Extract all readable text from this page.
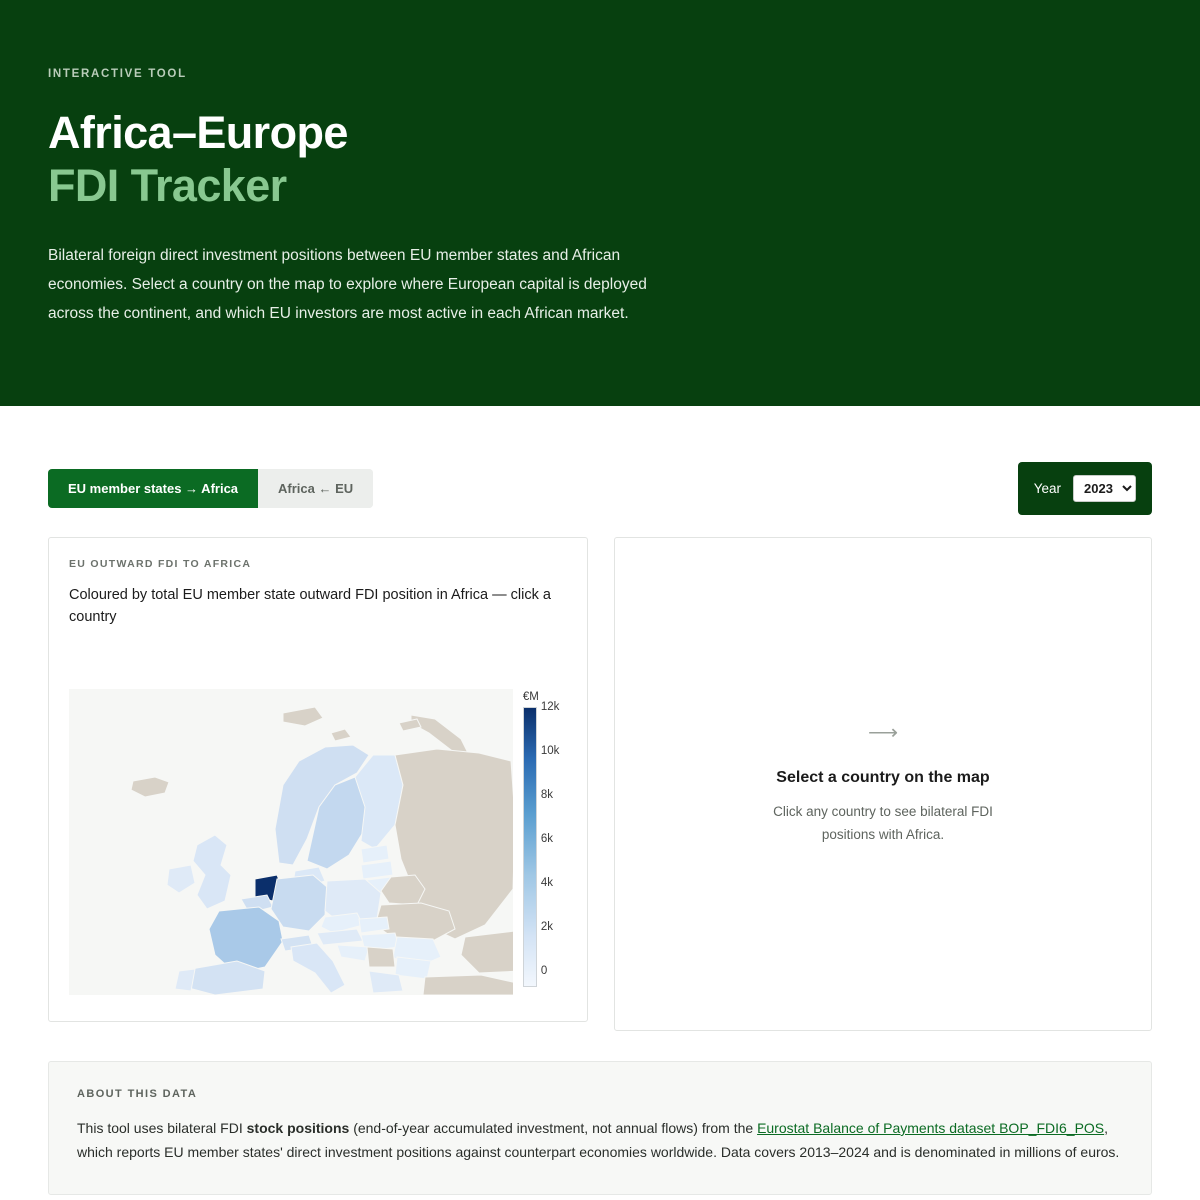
INTERACTIVE TOOL
Africa–Europe
FDI Tracker

Bilateral foreign direct investment positions between EU member states and African economies. Select a country on the map to explore where European capital is deployed across the continent, and which EU investors are most active in each African market.

EU member states → Africa	Africa ← EU	Year
2023
EU OUTWARD FDI TO AFRICA
Coloured by total EU member state outward FDI position in Africa — click a country
€M
12k
10k
8k
6k
4k
2k
0
⟶
Select a country on the map
Click any country to see bilateral FDI positions with Africa.
ABOUT THIS DATA
This tool uses bilateral FDI stock positions (end-of-year accumulated investment, not annual flows) from the Eurostat Balance of Payments dataset BOP_FDI6_POS, which reports EU member states' direct investment positions against counterpart economies worldwide. Data covers 2013–2024 and is denominated in millions of euros.
